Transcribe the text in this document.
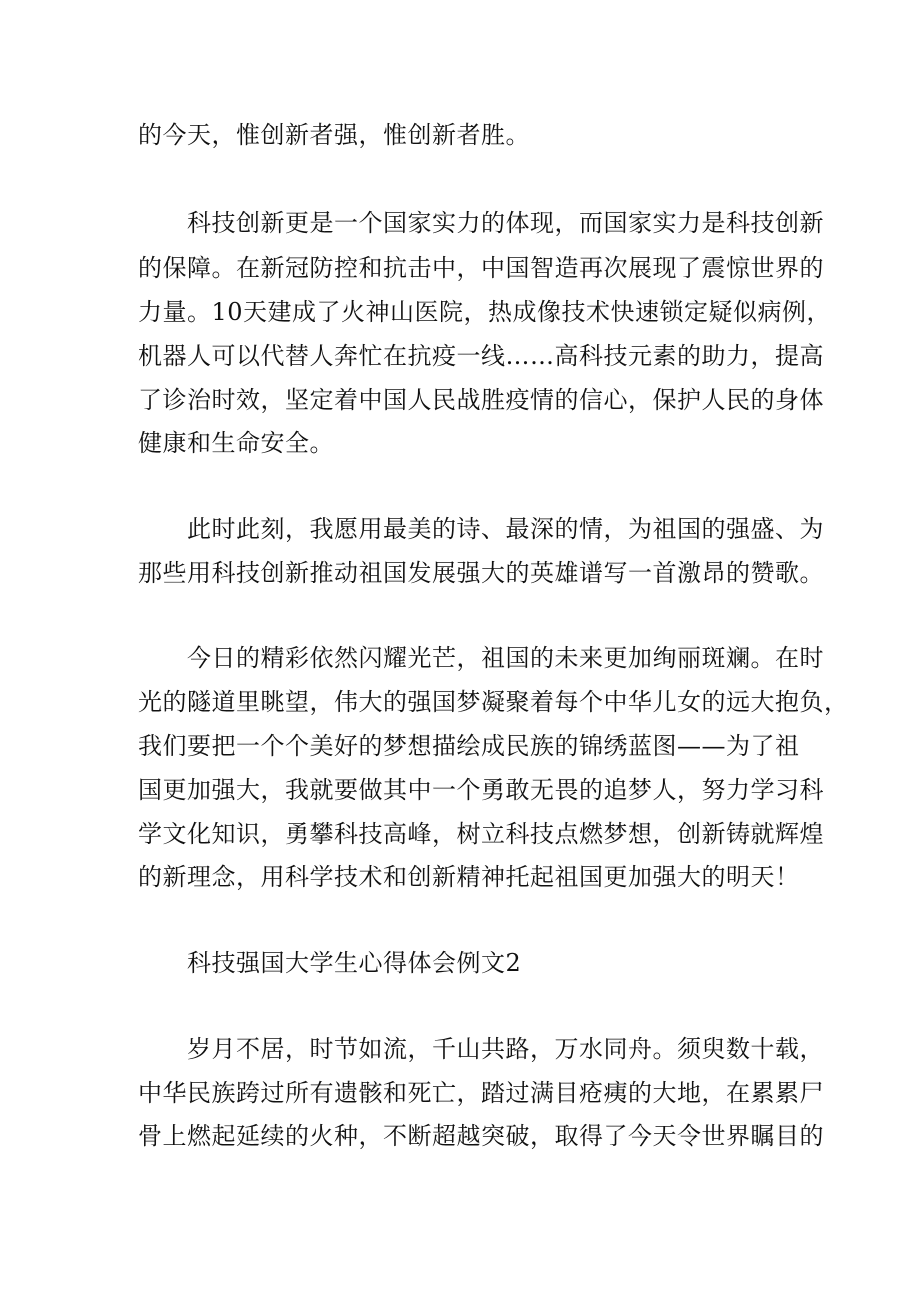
的今天，惟创新者强，惟创新者胜。
科技创新更是一个国家实力的体现，而国家实力是科技创新
的保障。在新冠防控和抗击中，中国智造再次展现了震惊世界的
力量。10天建成了火神山医院，热成像技术快速锁定疑似病例，
机器人可以代替人奔忙在抗疫一线……高科技元素的助力，提高
了诊治时效，坚定着中国人民战胜疫情的信心，保护人民的身体
健康和生命安全。
此时此刻，我愿用最美的诗、最深的情，为祖国的强盛、为
那些用科技创新推动祖国发展强大的英雄谱写一首激昂的赞歌。
今日的精彩依然闪耀光芒，祖国的未来更加绚丽斑斓。在时
光的隧道里眺望，伟大的强国梦凝聚着每个中华儿女的远大抱负，
我们要把一个个美好的梦想描绘成民族的锦绣蓝图——为了祖
国更加强大，我就要做其中一个勇敢无畏的追梦人，努力学习科
学文化知识，勇攀科技高峰，树立科技点燃梦想，创新铸就辉煌
的新理念，用科学技术和创新精神托起祖国更加强大的明天！
科技强国大学生心得体会例文2
岁月不居，时节如流，千山共路，万水同舟。须臾数十载，
中华民族跨过所有遗骸和死亡，踏过满目疮痍的大地，在累累尸
骨上燃起延续的火种，不断超越突破，取得了今天令世界瞩目的
